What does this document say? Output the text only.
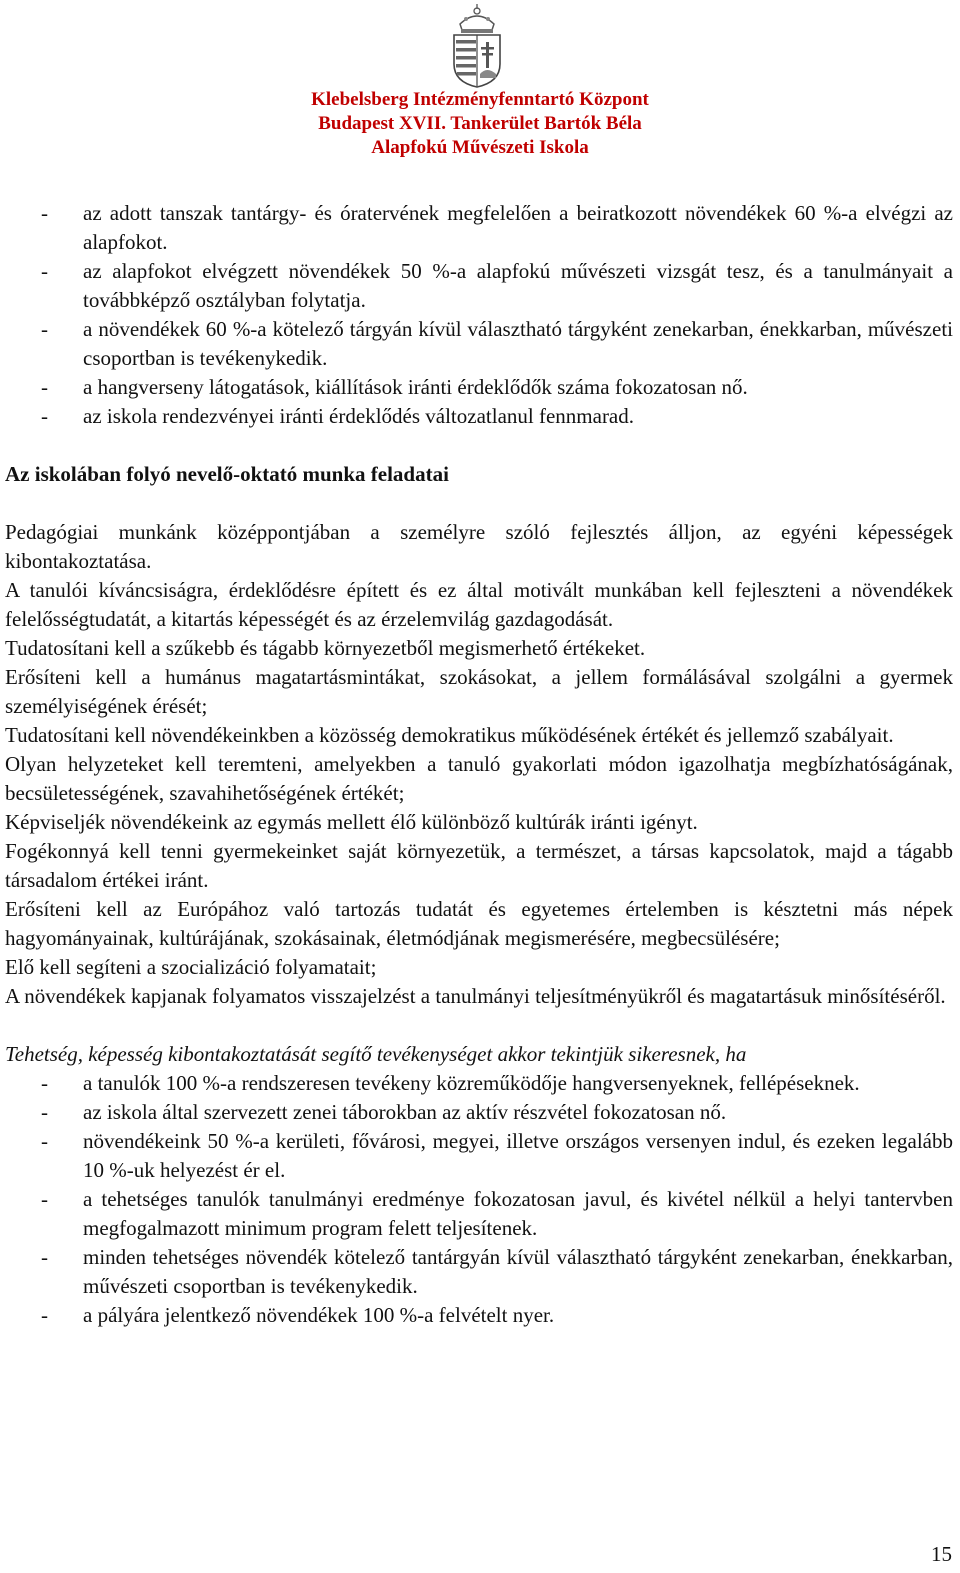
Klebelsberg Intézményfenntartó Központ
Budapest XVII. Tankerület Bartók Béla
Alapfokú Művészeti Iskola
- az adott tanszak tantárgy- és óratervének megfelelően a beiratkozott növendékek 60 %-a elvégzi az alapfokot.
- az alapfokot elvégzett növendékek 50 %-a alapfokú művészeti vizsgát tesz, és a tanulmányait a továbbképző osztályban folytatja.
- a növendékek 60 %-a kötelező tárgyán kívül választható tárgyként zenekarban, énekkarban, művészeti csoportban is tevékenykedik.
- a hangverseny látogatások, kiállítások iránti érdeklődők száma fokozatosan nő.
- az iskola rendezvényei iránti érdeklődés változatlanul fennmarad.
Az iskolában folyó nevelő-oktató munka feladatai

Pedagógiai munkánk középpontjában a személyre szóló fejlesztés álljon, az egyéni képességek kibontakoztatása.

A tanulói kíváncsiságra, érdeklődésre épített és ez által motivált munkában kell fejleszteni a növendékek felelősségtudatát, a kitartás képességét és az érzelemvilág gazdagodását.

Tudatosítani kell a szűkebb és tágabb környezetből megismerhető értékeket.

Erősíteni kell a humánus magatartásmintákat, szokásokat, a jellem formálásával szolgálni a gyermek személyiségének érését;

Tudatosítani kell növendékeinkben a közösség demokratikus működésének értékét és jellemző szabályait.

Olyan helyzeteket kell teremteni, amelyekben a tanuló gyakorlati módon igazolhatja megbízhatóságának, becsületességének, szavahihetőségének értékét;

Képviseljék növendékeink az egymás mellett élő különböző kultúrák iránti igényt.

Fogékonnyá kell tenni gyermekeinket saját környezetük, a természet, a társas kapcsolatok, majd a tágabb társadalom értékei iránt.

Erősíteni kell az Európához való tartozás tudatát és egyetemes értelemben is késztetni más népek hagyományainak, kultúrájának, szokásainak, életmódjának megismerésére, megbecsülésére;

Elő kell segíteni a szocializáció folyamatait;

A növendékek kapjanak folyamatos visszajelzést a tanulmányi teljesítményükről és magatartásuk minősítéséről.

Tehetség, képesség kibontakoztatását segítő tevékenységet akkor tekintjük sikeresnek, ha

- a tanulók 100 %-a rendszeresen tevékeny közreműködője hangversenyeknek, fellépéseknek.
- az iskola által szervezett zenei táborokban az aktív részvétel fokozatosan nő.
- növendékeink 50 %-a kerületi, fővárosi, megyei, illetve országos versenyen indul, és ezeken legalább 10 %-uk helyezést ér el.
- a tehetséges tanulók tanulmányi eredménye fokozatosan javul, és kivétel nélkül a helyi tantervben megfogalmazott minimum program felett teljesítenek.
- minden tehetséges növendék kötelező tantárgyán kívül választható tárgyként zenekarban, énekkarban, művészeti csoportban is tevékenykedik.
- a pályára jelentkező növendékek 100 %-a felvételt nyer.
15
